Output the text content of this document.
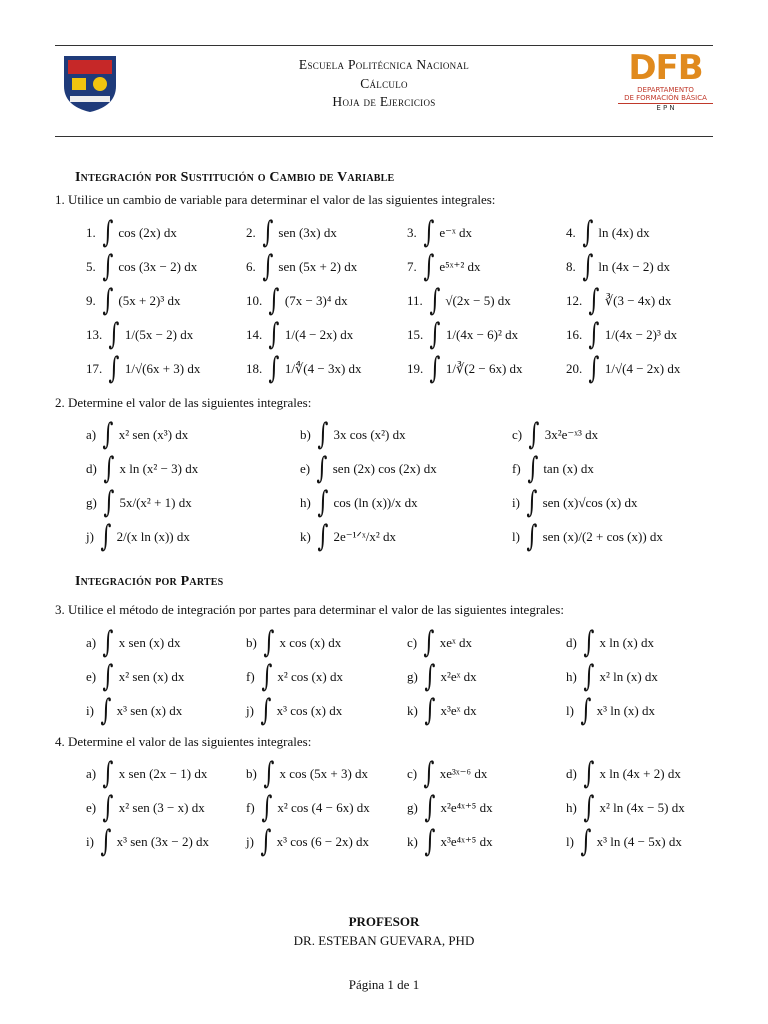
Escuela Politécnica Nacional
Cálculo
Hoja de Ejercicios
DFB
DEPARTAMENTO
DE FORMACIÓN BÁSICA
E P N
Integración por Sustitución o Cambio de Variable
1. Utilice un cambio de variable para determinar el valor de las siguientes integrales:
1. ∫ cos (2x) dx	2. ∫ sen (3x) dx	3. ∫ e⁻ˣ dx	4. ∫ ln (4x) dx
5. ∫ cos (3x − 2) dx	6. ∫ sen (5x + 2) dx	7. ∫ e⁵ˣ⁺² dx	8. ∫ ln (4x − 2) dx
9. ∫ (5x + 2)³ dx	10. ∫ (7x − 3)⁴ dx	11. ∫ √(2x − 5) dx	12. ∫ ∛(3 − 4x) dx
13. ∫ 1/(5x − 2) dx	14. ∫ 1/(4 − 2x) dx	15. ∫ 1/(4x − 6)² dx	16. ∫ 1/(4x − 2)³ dx
17. ∫ 1/√(6x + 3) dx	18. ∫ 1/∜(4 − 3x) dx	19. ∫ 1/∛(2 − 6x) dx	20. ∫ 1/√(4 − 2x) dx
2. Determine el valor de las siguientes integrales:
a) ∫ x² sen (x³) dx	b) ∫ 3x cos (x²) dx	c) ∫ 3x²e⁻ˣ³ dx
d) ∫ x ln (x² − 3) dx	e) ∫ sen (2x) cos (2x) dx	f) ∫ tan (x) dx
g) ∫ 5x/(x² + 1) dx	h) ∫ cos (ln (x))/x dx	i) ∫ sen (x)√cos (x) dx
j) ∫ 2/(x ln (x)) dx	k) ∫ 2e⁻¹ᐟˣ/x² dx	l) ∫ sen (x)/(2 + cos (x)) dx
Integración por Partes
3. Utilice el método de integración por partes para determinar el valor de las siguientes integrales:
a) ∫ x sen (x) dx	b) ∫ x cos (x) dx	c) ∫ xeˣ dx	d) ∫ x ln (x) dx
e) ∫ x² sen (x) dx	f) ∫ x² cos (x) dx	g) ∫ x²eˣ dx	h) ∫ x² ln (x) dx
i) ∫ x³ sen (x) dx	j) ∫ x³ cos (x) dx	k) ∫ x³eˣ dx	l) ∫ x³ ln (x) dx
4. Determine el valor de las siguientes integrales:
a) ∫ x sen (2x − 1) dx	b) ∫ x cos (5x + 3) dx	c) ∫ xe³ˣ⁻⁶ dx	d) ∫ x ln (4x + 2) dx
e) ∫ x² sen (3 − x) dx	f) ∫ x² cos (4 − 6x) dx	g) ∫ x²e⁴ˣ⁺⁵ dx	h) ∫ x² ln (4x − 5) dx
i) ∫ x³ sen (3x − 2) dx	j) ∫ x³ cos (6 − 2x) dx	k) ∫ x³e⁴ˣ⁺⁵ dx	l) ∫ x³ ln (4 − 5x) dx
PROFESOR
DR. ESTEBAN GUEVARA, PHD
Página 1 de 1
